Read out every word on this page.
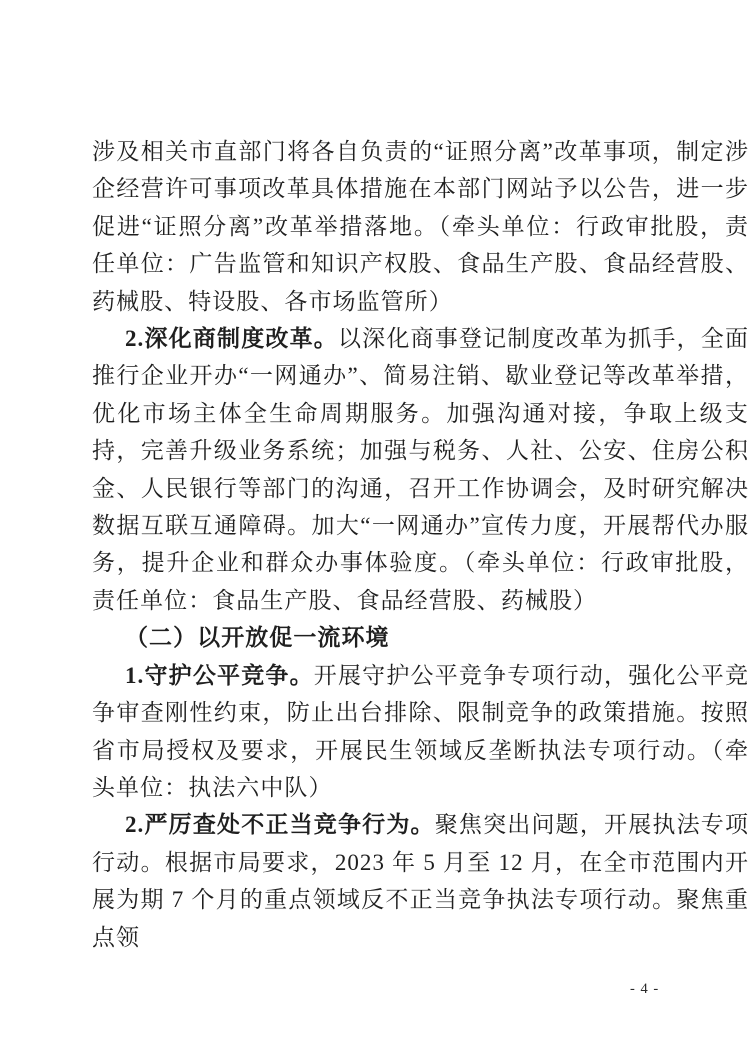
涉及相关市直部门将各自负责的“证照分离”改革事项，制定涉企经营许可事项改革具体措施在本部门网站予以公告，进一步促进“证照分离”改革举措落地。（牵头单位：行政审批股，责任单位：广告监管和知识产权股、食品生产股、食品经营股、药械股、特设股、各市场监管所）

2.深化商制度改革。以深化商事登记制度改革为抓手，全面推行企业开办“一网通办”、简易注销、歇业登记等改革举措，优化市场主体全生命周期服务。加强沟通对接，争取上级支持，完善升级业务系统；加强与税务、人社、公安、住房公积金、人民银行等部门的沟通，召开工作协调会，及时研究解决数据互联互通障碍。加大“一网通办”宣传力度，开展帮代办服务，提升企业和群众办事体验度。（牵头单位：行政审批股，责任单位：食品生产股、食品经营股、药械股）

（二）以开放促一流环境

1.守护公平竞争。开展守护公平竞争专项行动，强化公平竞争审查刚性约束，防止出台排除、限制竞争的政策措施。按照省市局授权及要求，开展民生领域反垄断执法专项行动。（牵头单位：执法六中队）

2.严厉查处不正当竞争行为。聚焦突出问题，开展执法专项行动。根据市局要求，2023 年 5 月至 12 月，在全市范围内开展为期 7 个月的重点领域反不正当竞争执法专项行动。聚焦重点领

- 4 -
